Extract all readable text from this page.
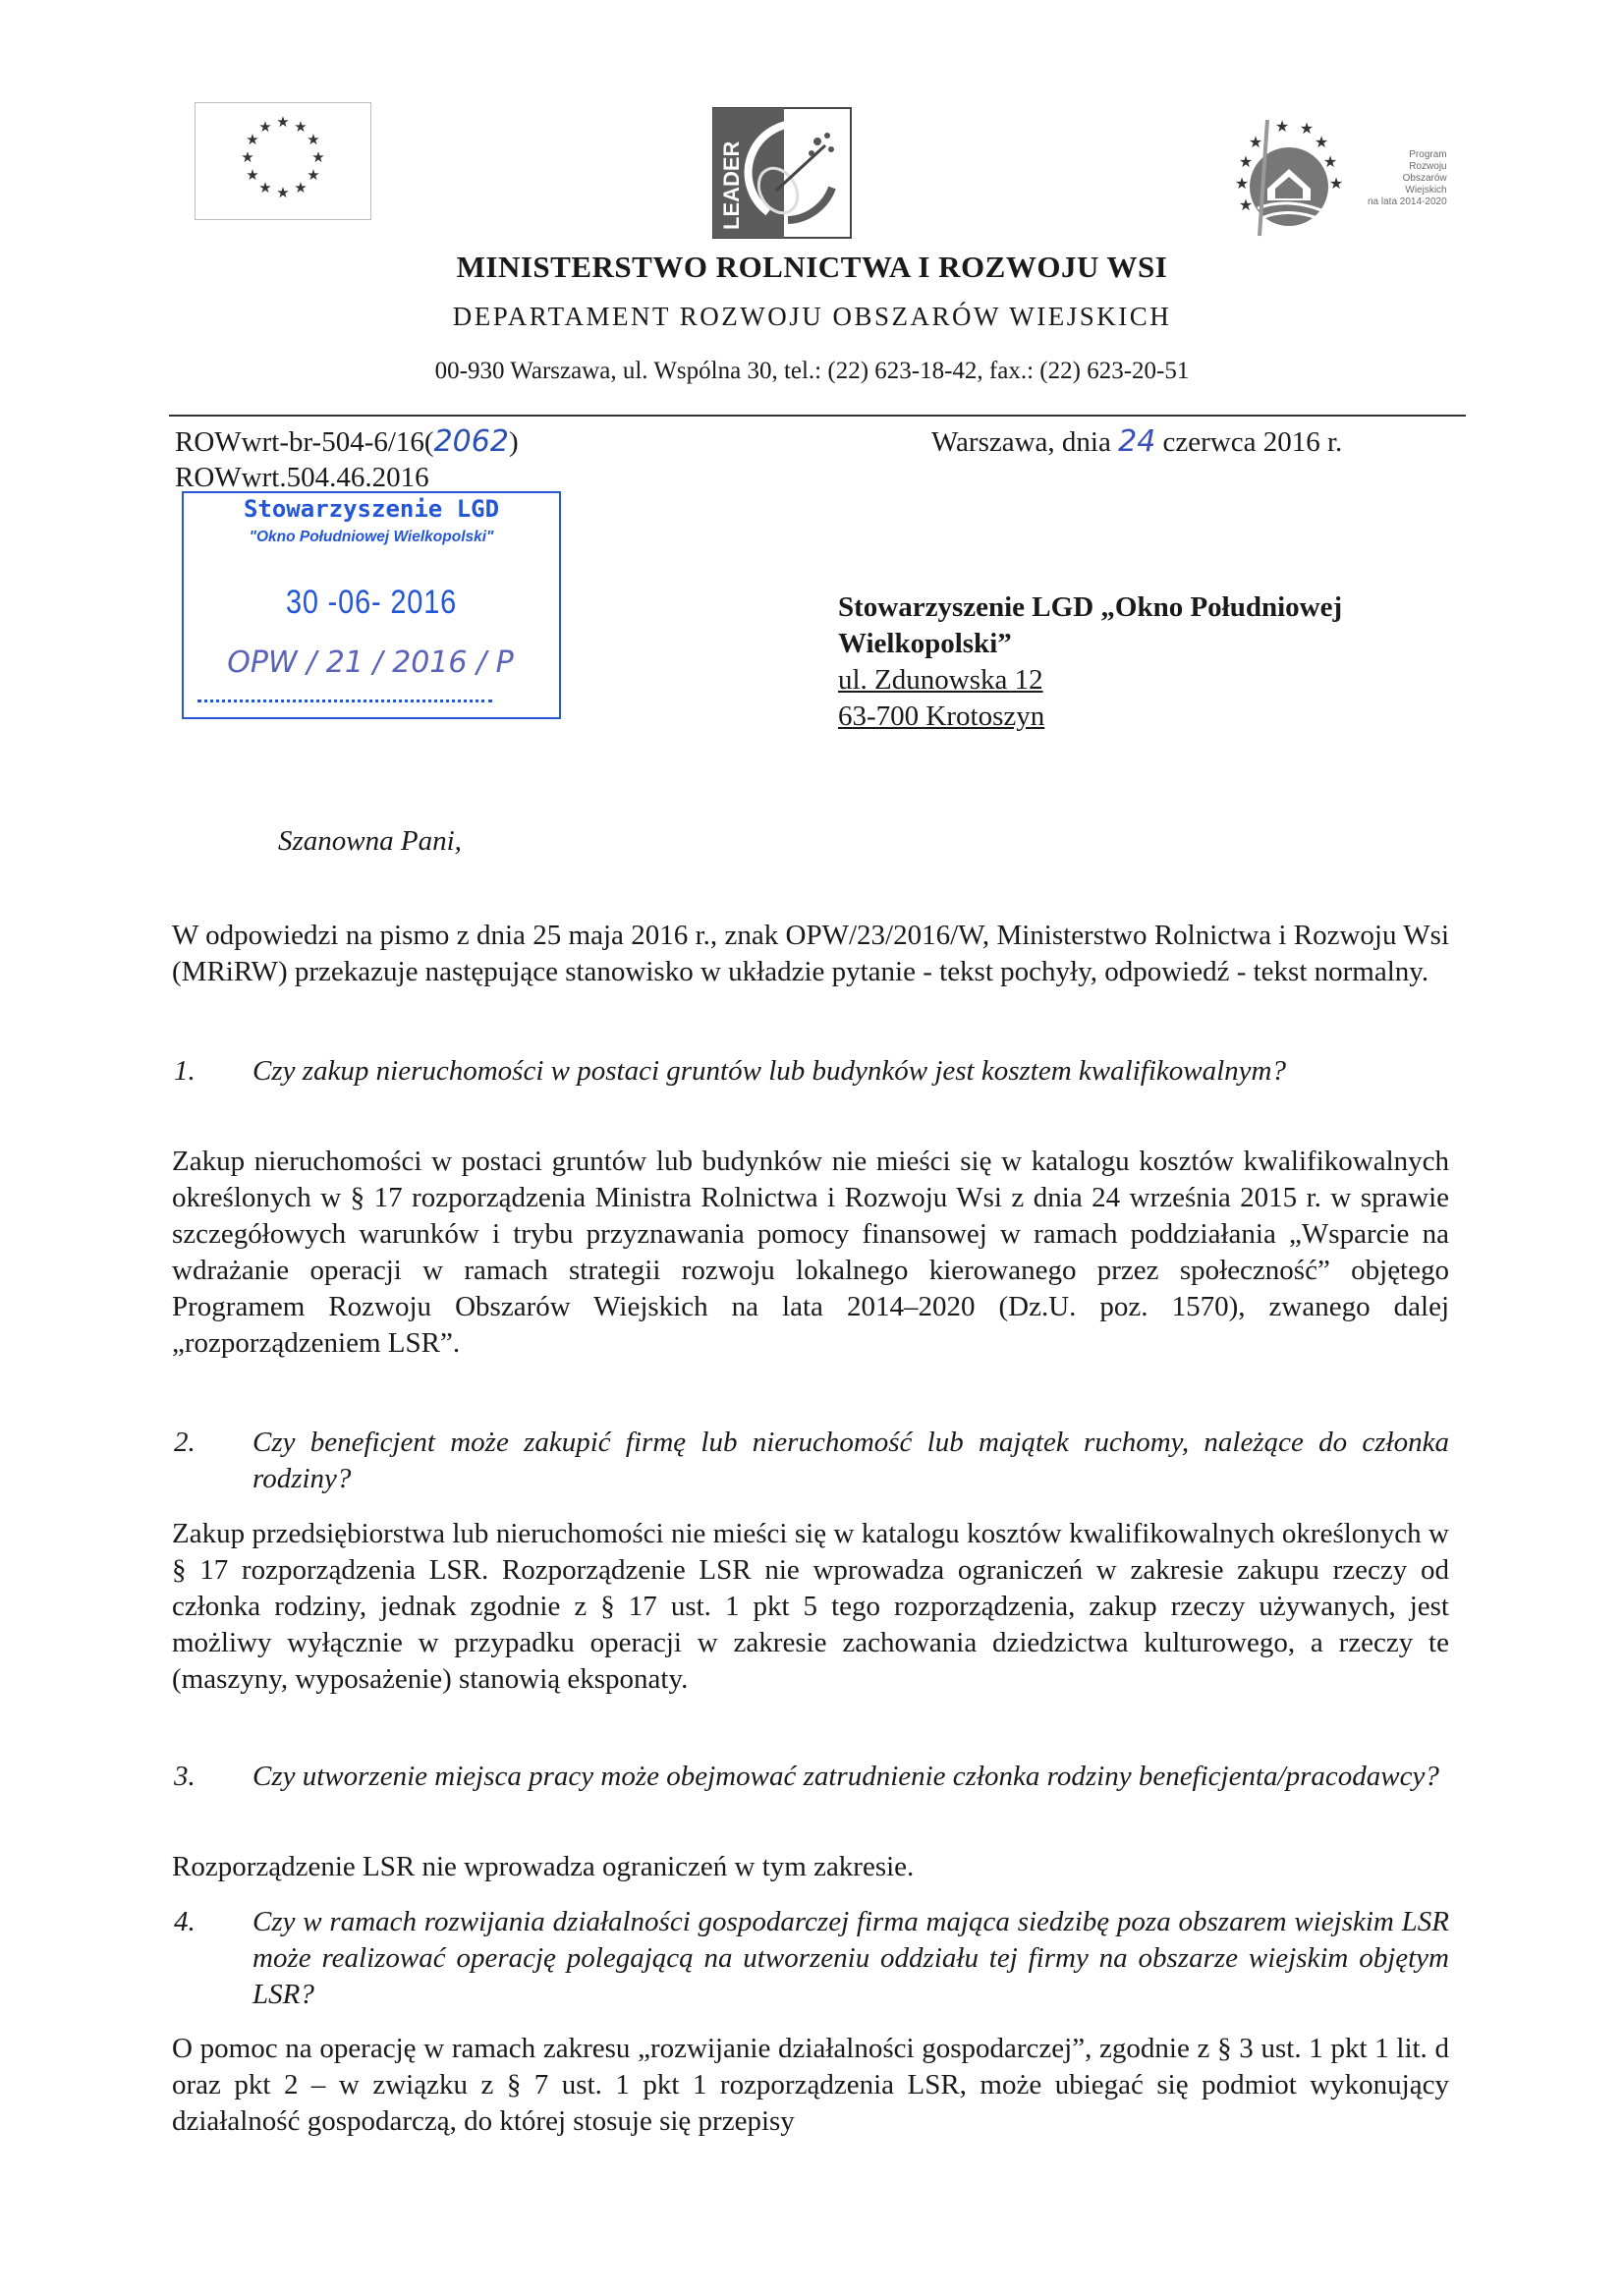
★ ★
★
★
★
★
★
★
★
★
★
★
LEADER
★ ★
★
★
★
★
★
★
★
Program
Rozwoju
Obszarów
Wiejskich
na lata 2014-2020
MINISTERSTWO ROLNICTWA I ROZWOJU WSI
DEPARTAMENT ROZWOJU OBSZARÓW WIEJSKICH
00-930 Warszawa, ul. Wspólna 30, tel.: (22) 623-18-42, fax.: (22) 623-20-51
ROWwrt-br-504-6/16(2062)
ROWwrt.504.46.2016
Warszawa, dnia 24 czerwca 2016 r.
Stowarzyszenie LGD
"Okno Południowej Wielkopolski"
30 -06- 2016
OPW / 21 / 2016 / P
Stowarzyszenie LGD „Okno Południowej
Wielkopolski”
ul. Zdunowska 12
63-700 Krotoszyn
Szanowna Pani,
W odpowiedzi na pismo z dnia 25 maja 2016 r., znak OPW/23/2016/W, Ministerstwo Rolnictwa i Rozwoju Wsi (MRiRW) przekazuje następujące stanowisko w układzie pytanie - tekst pochyły, odpowiedź - tekst normalny.
1.	Czy zakup nieruchomości w postaci gruntów lub budynków jest kosztem kwalifikowalnym?
Zakup nieruchomości w postaci gruntów lub budynków nie mieści się w katalogu kosztów kwalifikowalnych określonych w § 17 rozporządzenia Ministra Rolnictwa i Rozwoju Wsi z dnia 24 września 2015 r. w sprawie szczegółowych warunków i trybu przyznawania pomocy finansowej w ramach poddziałania „Wsparcie na wdrażanie operacji w ramach strategii rozwoju lokalnego kierowanego przez społeczność” objętego Programem Rozwoju Obszarów Wiejskich na lata 2014–2020 (Dz.U. poz. 1570), zwanego dalej „rozporządzeniem LSR”.
2.	Czy beneficjent może zakupić firmę lub nieruchomość lub majątek ruchomy, należące do członka rodziny?
Zakup przedsiębiorstwa lub nieruchomości nie mieści się w katalogu kosztów kwalifikowalnych określonych w § 17 rozporządzenia LSR. Rozporządzenie LSR nie wprowadza ograniczeń w zakresie zakupu rzeczy od członka rodziny, jednak zgodnie z § 17 ust. 1 pkt 5 tego rozporządzenia, zakup rzeczy używanych, jest możliwy wyłącznie w przypadku operacji w zakresie zachowania dziedzictwa kulturowego, a rzeczy te (maszyny, wyposażenie) stanowią eksponaty.
3.	Czy utworzenie miejsca pracy może obejmować zatrudnienie członka rodziny beneficjenta/pracodawcy?
Rozporządzenie LSR nie wprowadza ograniczeń w tym zakresie.
4.	Czy w ramach rozwijania działalności gospodarczej firma mająca siedzibę poza obszarem wiejskim LSR może realizować operację polegającą na utworzeniu oddziału tej firmy na obszarze wiejskim objętym LSR?
O pomoc na operację w ramach zakresu „rozwijanie działalności gospodarczej”, zgodnie z § 3 ust. 1 pkt 1 lit. d oraz pkt 2 – w związku z § 7 ust. 1 pkt 1 rozporządzenia LSR, może ubiegać się podmiot wykonujący działalność gospodarczą, do której stosuje się przepisy
